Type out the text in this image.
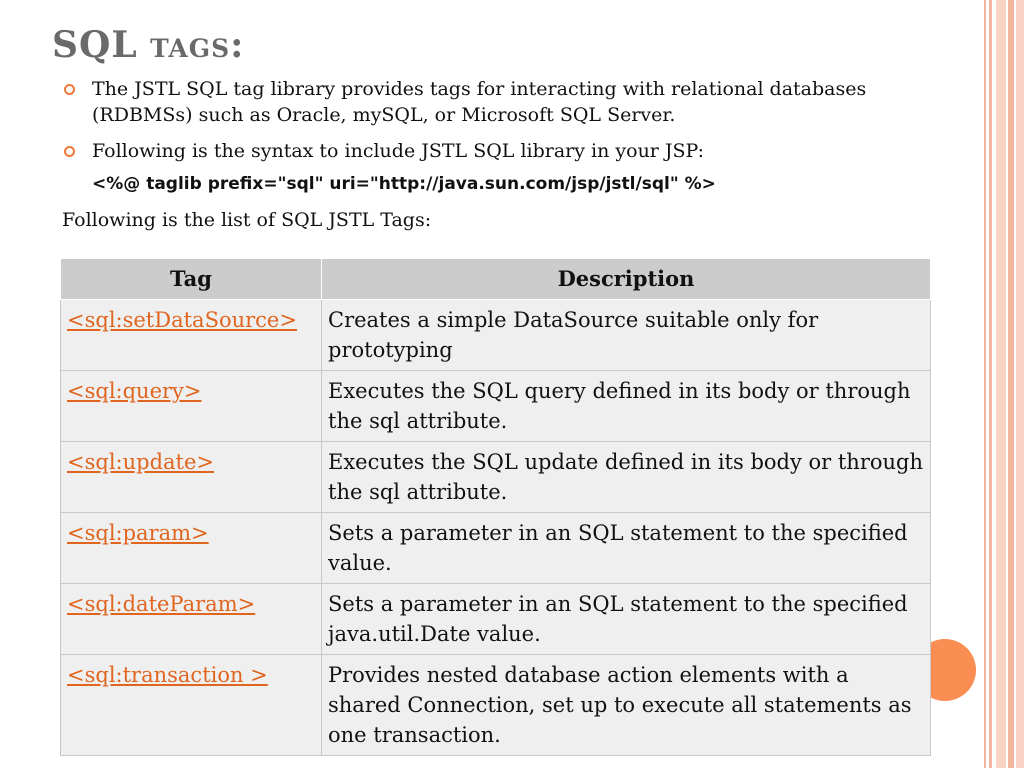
SQL tags:
The JSTL SQL tag library provides tags for interacting with relational databases (RDBMSs) such as Oracle, mySQL, or Microsoft SQL Server.
Following is the syntax to include JSTL SQL library in your JSP:

<%@ taglib prefix="sql" uri="http://java.sun.com/jsp/jstl/sql" %>

Following is the list of SQL JSTL Tags:

Tag	Description
<sql:setDataSource>	Creates a simple DataSource suitable only for prototyping
<sql:query>	Executes the SQL query defined in its body or through the sql attribute.
<sql:update>	Executes the SQL update defined in its body or through the sql attribute.
<sql:param>	Sets a parameter in an SQL statement to the specified value.
<sql:dateParam>	Sets a parameter in an SQL statement to the specified java.util.Date value.
<sql:transaction >	Provides nested database action elements with a shared Connection, set up to execute all statements as one transaction.
